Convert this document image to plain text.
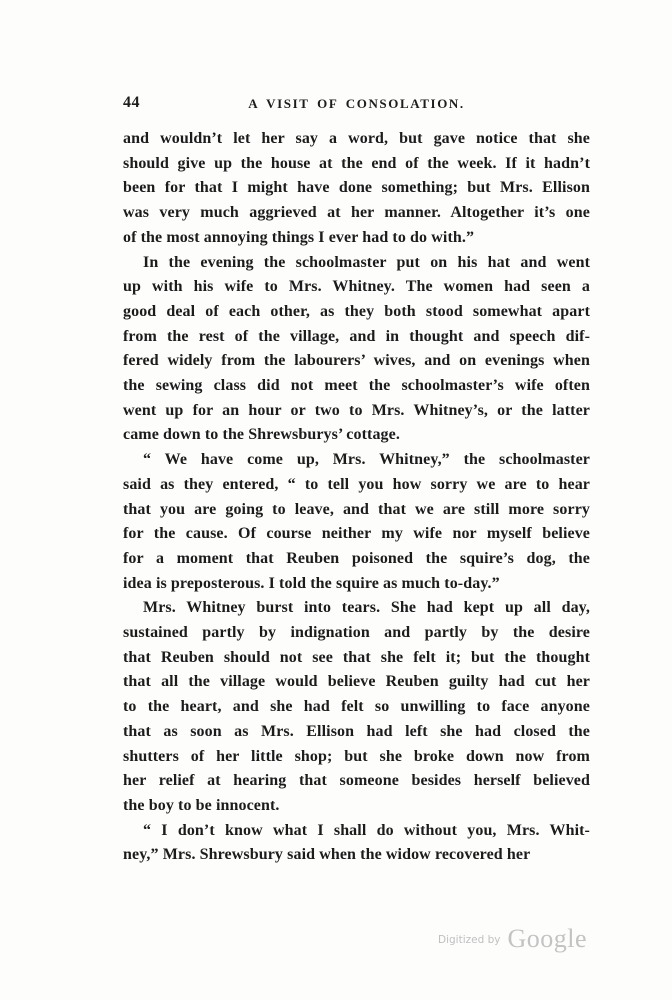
44	A VISIT OF CONSOLATION.
and wouldn’t let her say a word, but gave notice that she
should give up the house at the end of the week. If it hadn’t
been for that I might have done something; but Mrs. Ellison
was very much aggrieved at her manner. Altogether it’s one
of the most annoying things I ever had to do with.”
In the evening the schoolmaster put on his hat and went
up with his wife to Mrs. Whitney. The women had seen a
good deal of each other, as they both stood somewhat apart
from the rest of the village, and in thought and speech dif-
fered widely from the labourers’ wives, and on evenings when
the sewing class did not meet the schoolmaster’s wife often
went up for an hour or two to Mrs. Whitney’s, or the latter
came down to the Shrewsburys’ cottage.
“ We have come up, Mrs. Whitney,” the schoolmaster
said as they entered, “ to tell you how sorry we are to hear
that you are going to leave, and that we are still more sorry
for the cause. Of course neither my wife nor myself believe
for a moment that Reuben poisoned the squire’s dog, the
idea is preposterous. I told the squire as much to-day.”
Mrs. Whitney burst into tears. She had kept up all day,
sustained partly by indignation and partly by the desire
that Reuben should not see that she felt it; but the thought
that all the village would believe Reuben guilty had cut her
to the heart, and she had felt so unwilling to face anyone
that as soon as Mrs. Ellison had left she had closed the
shutters of her little shop; but she broke down now from
her relief at hearing that someone besides herself believed
the boy to be innocent.
“ I don’t know what I shall do without you, Mrs. Whit-
ney,” Mrs. Shrewsbury said when the widow recovered her
Digitized by Google
